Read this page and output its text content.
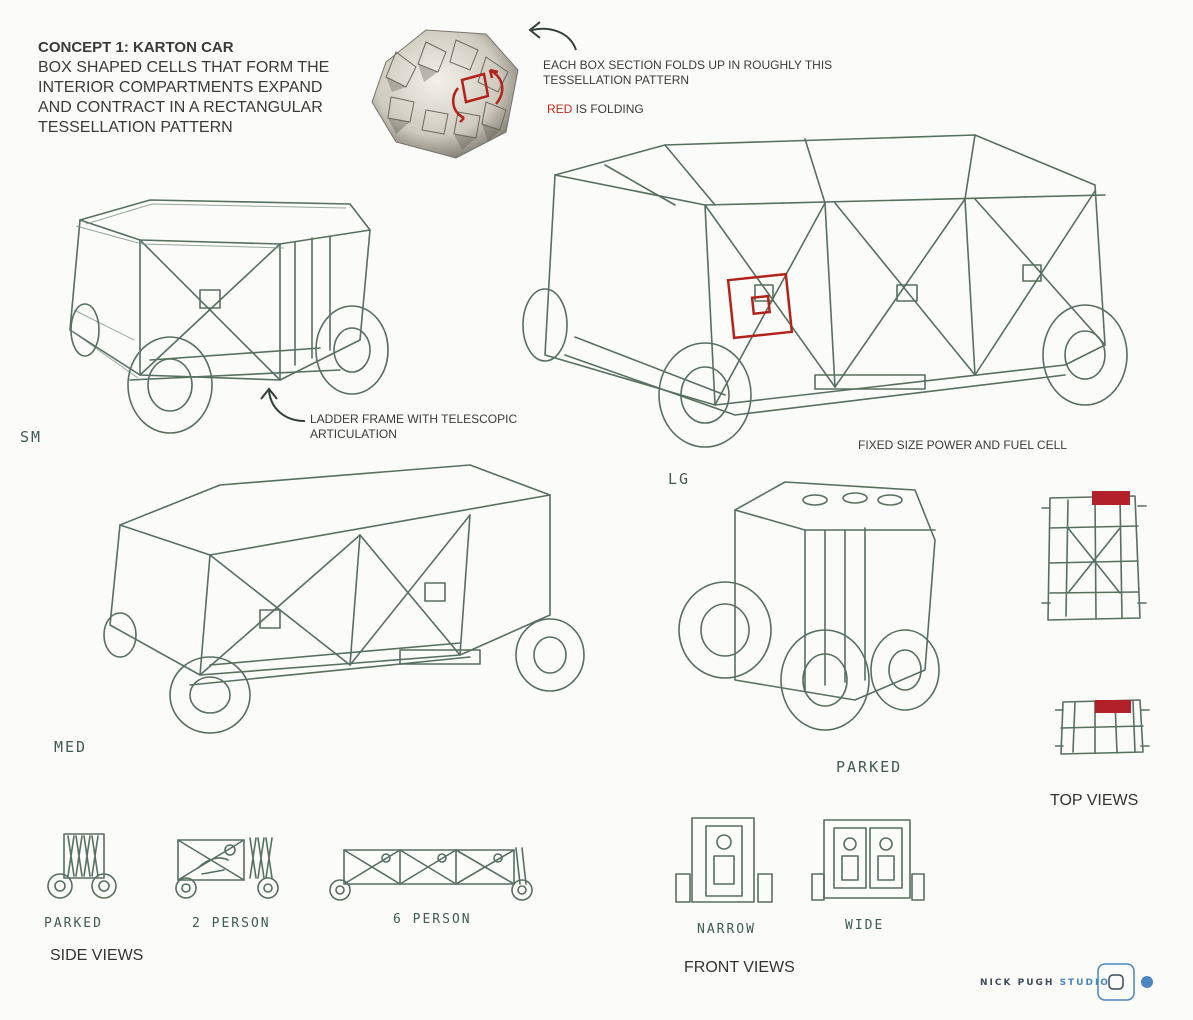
CONCEPT 1: KARTON CAR
BOX SHAPED CELLS THAT FORM THE
INTERIOR COMPARTMENTS EXPAND
AND CONTRACT IN A RECTANGULAR
TESSELLATION PATTERN
EACH BOX SECTION FOLDS UP IN ROUGHLY THIS
TESSELLATION PATTERN
RED IS FOLDING
LADDER FRAME WITH TELESCOPIC
ARTICULATION
SM	FIXED SIZE POWER AND FUEL CELL
LG
MED
PARKED
TOP VIEWS
PARKED	2 PERSON	6 PERSON
SIDE VIEWS
NARROW	WIDE
FRONT VIEWS
NICK PUGH STUDIO
